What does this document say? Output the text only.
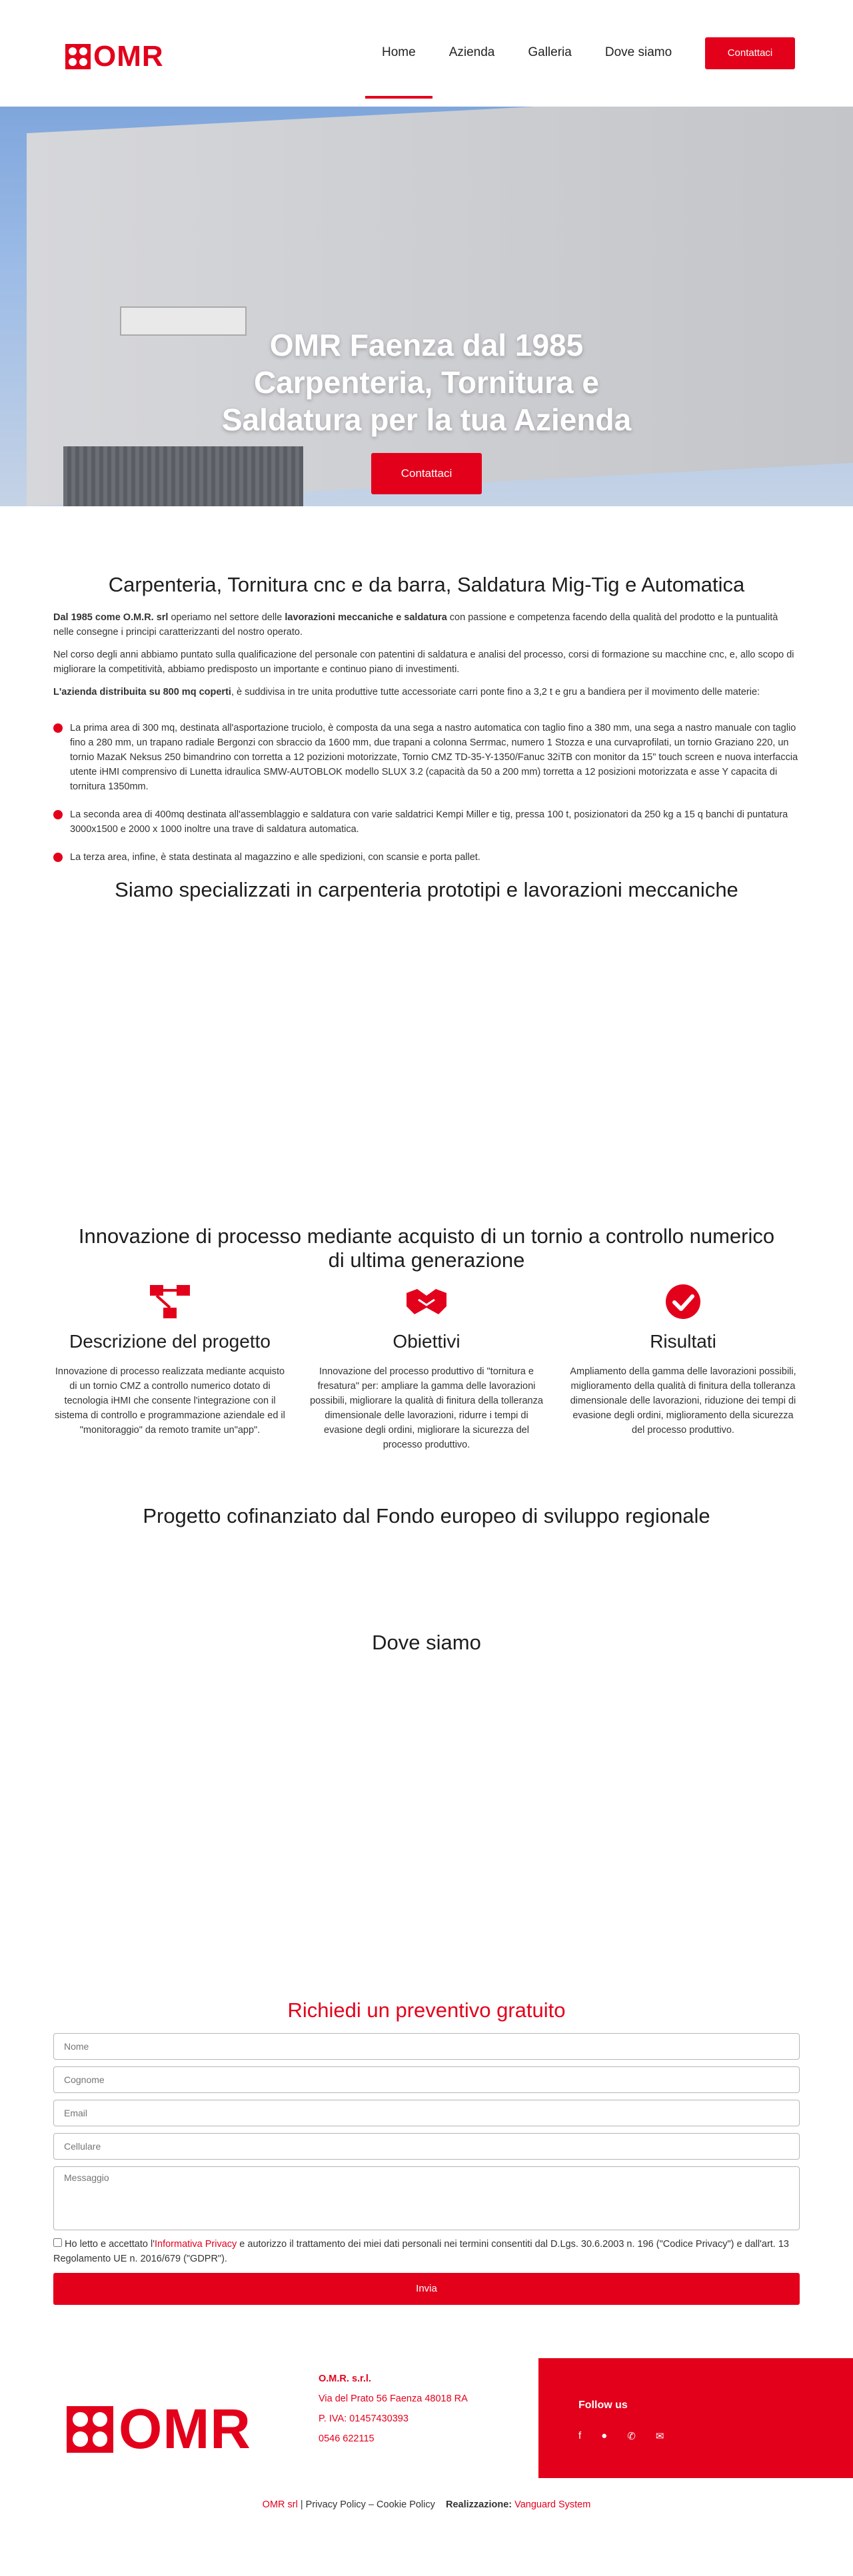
OMR	Home	Azienda	Galleria	Dove siamo	Contattaci
OMR Faenza dal 1985
Carpenteria, Tornitura e
Saldatura per la tua Azienda
Contattaci
Carpenteria, Tornitura cnc e da barra, Saldatura Mig-Tig e Automatica

Dal 1985 come O.M.R. srl operiamo nel settore delle lavorazioni meccaniche e saldatura con passione e competenza facendo della qualità del prodotto e la puntualità nelle consegne i principi caratterizzanti del nostro operato.

Nel corso degli anni abbiamo puntato sulla qualificazione del personale con patentini di saldatura e analisi del processo, corsi di formazione su macchine cnc, e, allo scopo di migliorare la competitività, abbiamo predisposto un importante e continuo piano di investimenti.

L'azienda distribuita su 800 mq coperti, è suddivisa in tre unita produttive tutte accessoriate carri ponte fino a 3,2 t e gru a bandiera per il movimento delle materie:

La prima area di 300 mq, destinata all'asportazione truciolo, è composta da una sega a nastro automatica con taglio fino a 380 mm, una sega a nastro manuale con taglio fino a 280 mm, un trapano radiale Bergonzi con sbraccio da 1600 mm, due trapani a colonna Serrmac, numero 1 Stozza e una curvaprofilati, un tornio Graziano 220, un tornio MazaK Neksus 250 bimandrino con torretta a 12 pozizioni motorizzate, Tornio CMZ TD-35-Y-1350/Fanuc 32iTB con monitor da 15" touch screen e nuova interfaccia utente iHMI comprensivo di Lunetta idraulica SMW-AUTOBLOK modello SLUX 3.2 (capacità da 50 a 200 mm) torretta a 12 posizioni motorizzata e asse Y capacita di tornitura 1350mm.
La seconda area di 400mq destinata all'assemblaggio e saldatura con varie saldatrici Kempi Miller e tig, pressa 100 t, posizionatori da 250 kg a 15 q banchi di puntatura 3000x1500 e 2000 x 1000 inoltre una trave di saldatura automatica.
La terza area, infine, è stata destinata al magazzino e alle spedizioni, con scansie e porta pallet.
Siamo specializzati in carpenteria prototipi e lavorazioni meccaniche
Innovazione di processo mediante acquisto di un tornio a controllo numerico
di ultima generazione
Descrizione del progetto

Innovazione di processo realizzata mediante acquisto di un tornio CMZ a controllo numerico dotato di tecnologia iHMI che consente l'integrazione con il sistema di controllo e programmazione aziendale ed il "monitoraggio" da remoto tramite un"app".

Obiettivi

Innovazione del processo produttivo di "tornitura e fresatura" per: ampliare la gamma delle lavorazioni possibili, migliorare la qualità di finitura della tolleranza dimensionale delle lavorazioni, ridurre i tempi di evasione degli ordini, migliorare la sicurezza del processo produttivo.

Risultati

Ampliamento della gamma delle lavorazioni possibili, miglioramento della qualità di finitura della tolleranza dimensionale delle lavorazioni, riduzione dei tempi di evasione degli ordini, miglioramento della sicurezza del processo produttivo.

Progetto cofinanziato dal Fondo europeo di sviluppo regionale
Dove siamo
Richiedi un preventivo gratuito
Nome
Cognome
Email
Cellulare
Messaggio
Ho letto e accettato l'Informativa Privacy e autorizzo il trattamento dei miei dati personali nei termini consentiti dal D.Lgs. 30.6.2003 n. 196 ("Codice Privacy") e dall'art. 13 Regolamento UE n. 2016/679 ("GDPR").
Invia
OMR
O.M.R. s.r.l.
Via del Prato 56 Faenza 48018 RA
P. IVA: 01457430393
0546 622115
Follow us
f ● ✆ ✉
OMR srl | Privacy Policy – Cookie Policy Realizzazione: Vanguard System
